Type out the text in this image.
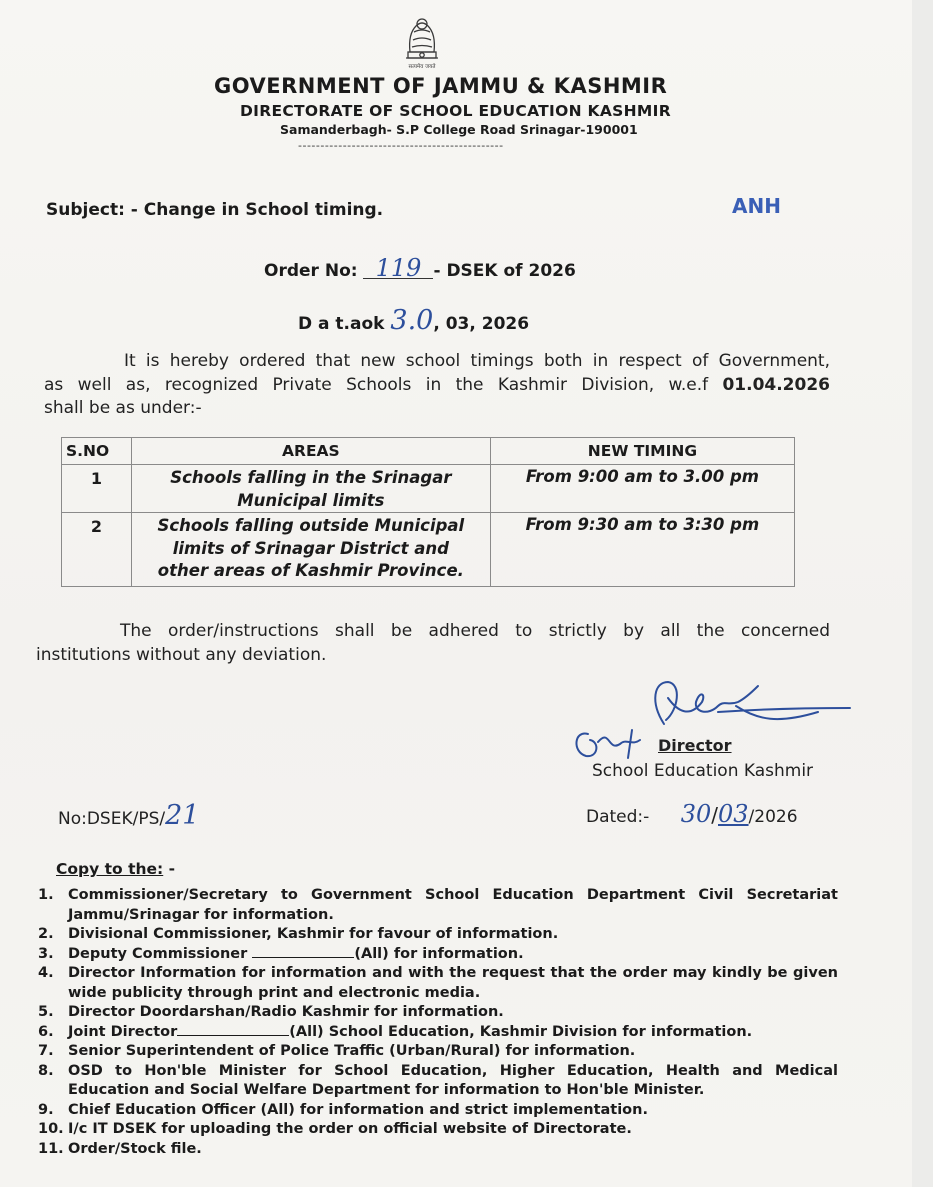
सत्यमेव जयते
GOVERNMENT OF JAMMU & KASHMIR
DIRECTORATE OF SCHOOL EDUCATION KASHMIR
Samanderbagh- S.P College Road Srinagar-190001
----------------------------------------------
Subject: - Change in School timing.	ANH
Order No: 119 - DSEK of 2026
D a t.aok 3.0, 03, 2026
It is hereby ordered that new school timings both in respect of Government,
as well as, recognized Private Schools in the Kashmir Division, w.e.f 01.04.2026
shall be as under:-
S.NO	AREAS	NEW TIMING
1	Schools falling in the Srinagar Municipal limits	From 9:00 am to 3.00 pm
2	Schools falling outside Municipal limits of Srinagar District and other areas of Kashmir Province.	From 9:30 am to 3:30 pm
The order/instructions shall be adhered to strictly by all the concerned
institutions without any deviation.
Director
School Education Kashmir
No:DSEK/PS/21	Dated:- 30/03/2026
Copy to the: -
1. Commissioner/Secretary to Government School Education Department Civil Secretariat Jammu/Srinagar for information.
2. Divisional Commissioner, Kashmir for favour of information.
3. Deputy Commissioner	(All) for information.
4. Director Information for information and with the request that the order may kindly be given wide publicity through print and electronic media.
5. Director Doordarshan/Radio Kashmir for information.
6. Joint Director	(All) School Education, Kashmir Division for information.
7. Senior Superintendent of Police Traffic (Urban/Rural) for information.
8. OSD to Hon'ble Minister for School Education, Higher Education, Health and Medical Education and Social Welfare Department for information to Hon'ble Minister.
9. Chief Education Officer (All) for information and strict implementation.
10. I/c IT DSEK for uploading the order on official website of Directorate.
11. Order/Stock file.
